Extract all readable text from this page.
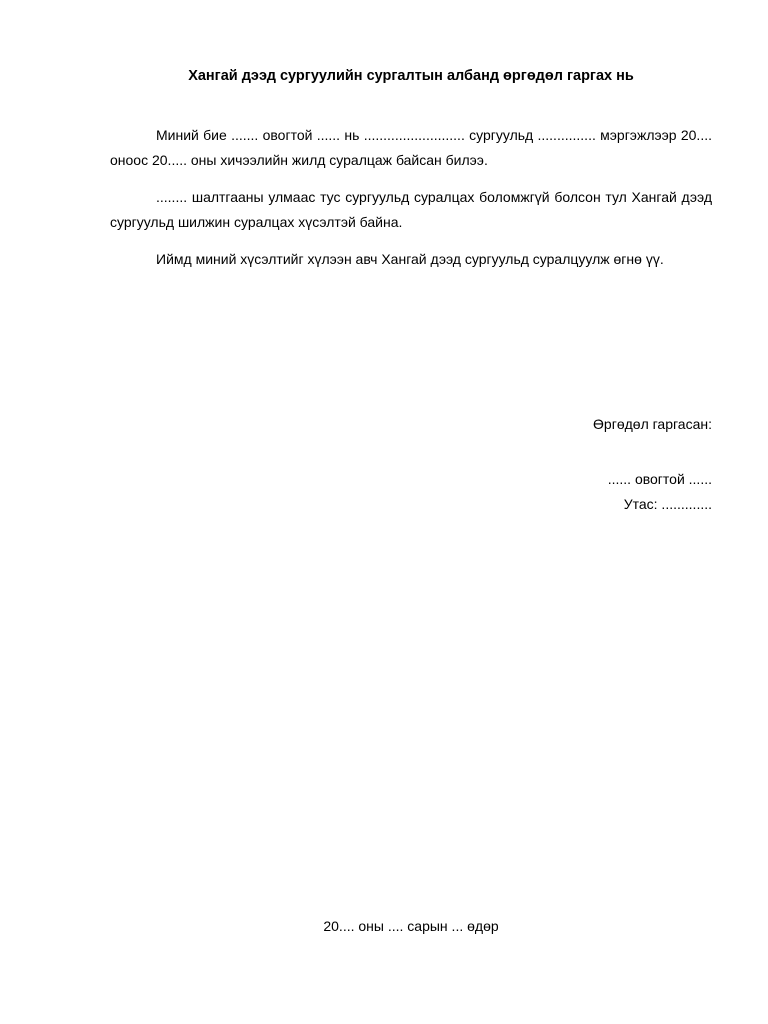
Хангай дээд сургуулийн сургалтын албанд өргөдөл гаргах нь

Миний бие ....... овогтой ...... нь .......................... сургуульд ............... мэргэжлээр 20.... оноос 20..... оны хичээлийн жилд суралцаж байсан билээ.

........ шалтгааны улмаас тус сургуульд суралцах боломжгүй болсон тул Хангай дээд сургуульд шилжин суралцах хүсэлтэй байна.

Иймд миний хүсэлтийг хүлээн авч Хангай дээд сургуульд суралцуулж өгнө үү.

Өргөдөл гаргасан:

...... овогтой ......

Утас: .............

20.... оны .... сарын ... өдөр
